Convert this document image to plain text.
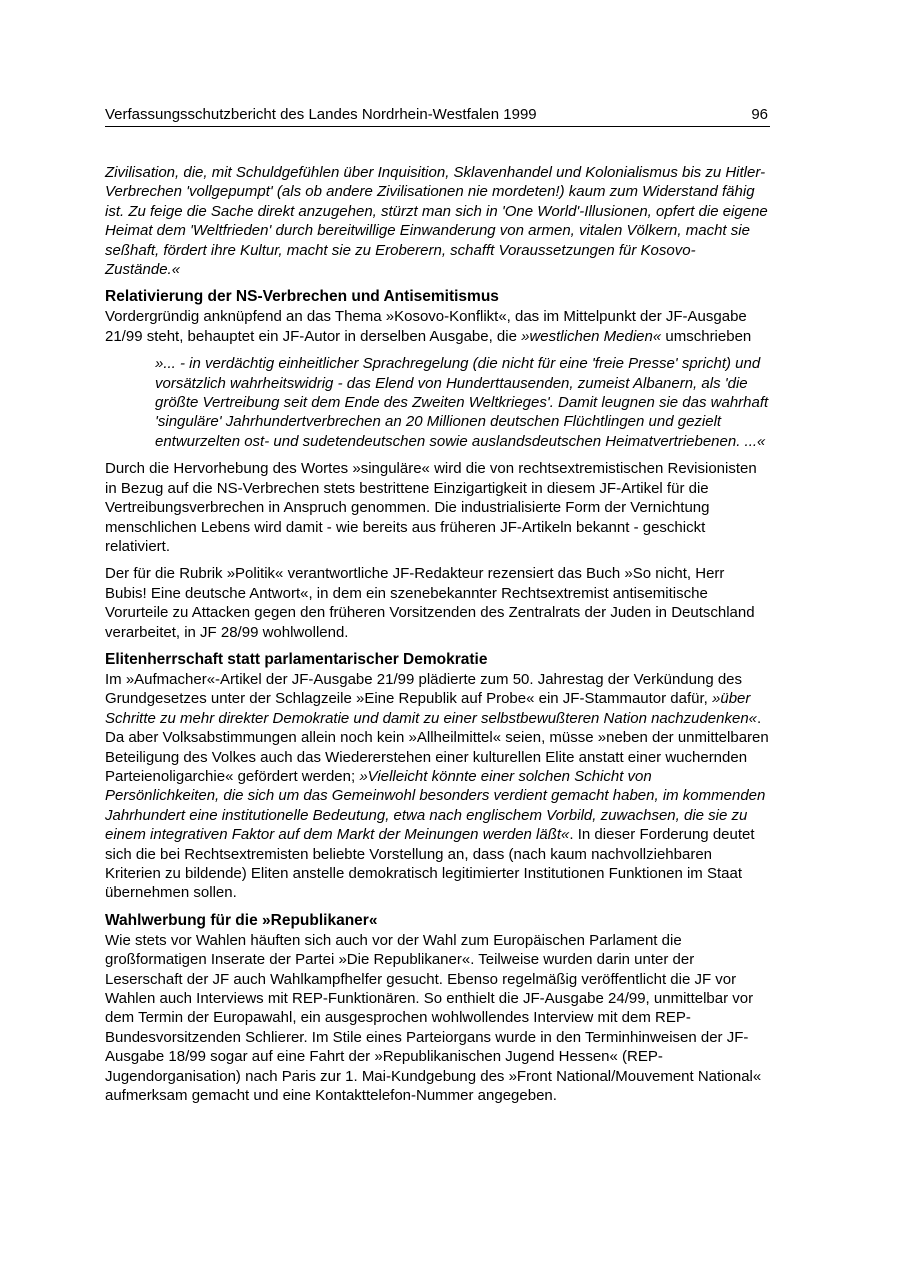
Verfassungsschutzbericht des Landes Nordrhein-Westfalen 1999	96

Zivilisation, die, mit Schuldgefühlen über Inquisition, Sklavenhandel und Kolonialismus bis zu Hitler- Verbrechen 'vollgepumpt' (als ob andere Zivilisationen nie mordeten!) kaum zum Widerstand fähig ist. Zu feige die Sache direkt anzugehen, stürzt man sich in 'One World'-Illusionen, opfert die eigene Heimat dem 'Weltfrieden' durch bereitwillige Einwanderung von armen, vitalen Völkern, macht sie seßhaft, fördert ihre Kultur, macht sie zu Eroberern, schafft Voraussetzungen für Kosovo-Zustände.«

Relativierung der NS-Verbrechen und Antisemitismus

Vordergründig anknüpfend an das Thema »Kosovo-Konflikt«, das im Mittelpunkt der JF-Ausgabe 21/99 steht, behauptet ein JF-Autor in derselben Ausgabe, die »westlichen Medien« umschrieben

»... - in verdächtig einheitlicher Sprachregelung (die nicht für eine 'freie Presse' spricht) und vorsätzlich wahrheitswidrig - das Elend von Hunderttausenden, zumeist Albanern, als 'die größte Vertreibung seit dem Ende des Zweiten Weltkrieges'. Damit leugnen sie das wahrhaft 'singuläre' Jahrhundertverbrechen an 20 Millionen deutschen Flüchtlingen und gezielt entwurzelten ost- und sudetendeutschen sowie auslandsdeutschen Heimatvertriebenen. ...«

Durch die Hervorhebung des Wortes »singuläre« wird die von rechtsextremistischen Revisionisten in Bezug auf die NS-Verbrechen stets bestrittene Einzigartigkeit in diesem JF-Artikel für die Vertreibungsverbrechen in Anspruch genommen. Die industrialisierte Form der Vernichtung menschlichen Lebens wird damit - wie bereits aus früheren JF-Artikeln bekannt - geschickt relativiert.

Der für die Rubrik »Politik« verantwortliche JF-Redakteur rezensiert das Buch »So nicht, Herr Bubis! Eine deutsche Antwort«, in dem ein szenebekannter Rechtsextremist antisemitische Vorurteile zu Attacken gegen den früheren Vorsitzenden des Zentralrats der Juden in Deutschland verarbeitet, in JF 28/99 wohlwollend.

Elitenherrschaft statt parlamentarischer Demokratie

Im »Aufmacher«-Artikel der JF-Ausgabe 21/99 plädierte zum 50. Jahrestag der Verkündung des Grundgesetzes unter der Schlagzeile »Eine Republik auf Probe« ein JF-Stammautor dafür, »über Schritte zu mehr direkter Demokratie und damit zu einer selbstbewußteren Nation nachzudenken«. Da aber Volksabstimmungen allein noch kein »Allheilmittel« seien, müsse »neben der unmittelbaren Beteiligung des Volkes auch das Wiedererstehen einer kulturellen Elite anstatt einer wuchernden Parteienoligarchie« gefördert werden; »Vielleicht könnte einer solchen Schicht von Persönlichkeiten, die sich um das Gemeinwohl besonders verdient gemacht haben, im kommenden Jahrhundert eine institutionelle Bedeutung, etwa nach englischem Vorbild, zuwachsen, die sie zu einem integrativen Faktor auf dem Markt der Meinungen werden läßt«. In dieser Forderung deutet sich die bei Rechtsextremisten beliebte Vorstellung an, dass (nach kaum nachvollziehbaren Kriterien zu bildende) Eliten anstelle demokratisch legitimierter Institutionen Funktionen im Staat übernehmen sollen.

Wahlwerbung für die »Republikaner«

Wie stets vor Wahlen häuften sich auch vor der Wahl zum Europäischen Parlament die großformatigen Inserate der Partei »Die Republikaner«. Teilweise wurden darin unter der Leserschaft der JF auch Wahlkampfhelfer gesucht. Ebenso regelmäßig veröffentlicht die JF vor Wahlen auch Interviews mit REP-Funktionären. So enthielt die JF-Ausgabe 24/99, unmittelbar vor dem Termin der Europawahl, ein ausgesprochen wohlwollendes Interview mit dem REP-Bundesvorsitzenden Schlierer. Im Stile eines Parteiorgans wurde in den Terminhinweisen der JF-Ausgabe 18/99 sogar auf eine Fahrt der »Republikanischen Jugend Hessen« (REP-Jugendorganisation) nach Paris zur 1. Mai-Kundgebung des »Front National/Mouvement National« aufmerksam gemacht und eine Kontakttelefon-Nummer angegeben.
